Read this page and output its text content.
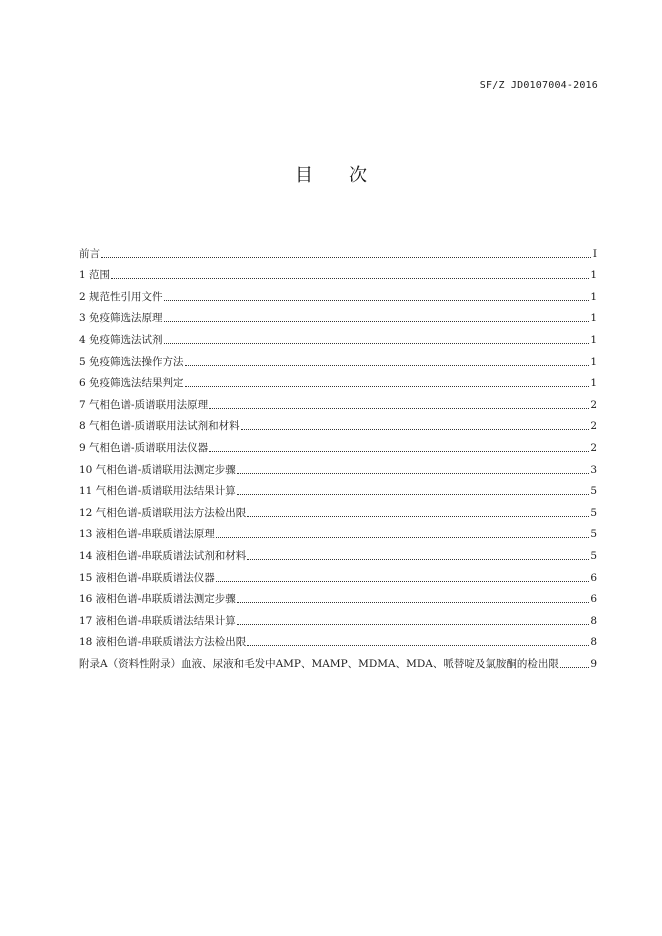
SF/Z JD0107004-2016
目 次
前言	I
1 范围	1
2 规范性引用文件	1
3 免疫筛选法原理	1
4 免疫筛选法试剂	1
5 免疫筛选法操作方法	1
6 免疫筛选法结果判定	1
7 气相色谱-质谱联用法原理	2
8 气相色谱-质谱联用法试剂和材料	2
9 气相色谱-质谱联用法仪器	2
10 气相色谱-质谱联用法测定步骤	3
11 气相色谱-质谱联用法结果计算	5
12 气相色谱-质谱联用法方法检出限	5
13 液相色谱-串联质谱法原理	5
14 液相色谱-串联质谱法试剂和材料	5
15 液相色谱-串联质谱法仪器	6
16 液相色谱-串联质谱法测定步骤	6
17 液相色谱-串联质谱法结果计算	8
18 液相色谱-串联质谱法方法检出限	8
附录A（资料性附录）血液、尿液和毛发中AMP、MAMP、MDMA、MDA、哌替啶及氯胺酮的检出限	9
